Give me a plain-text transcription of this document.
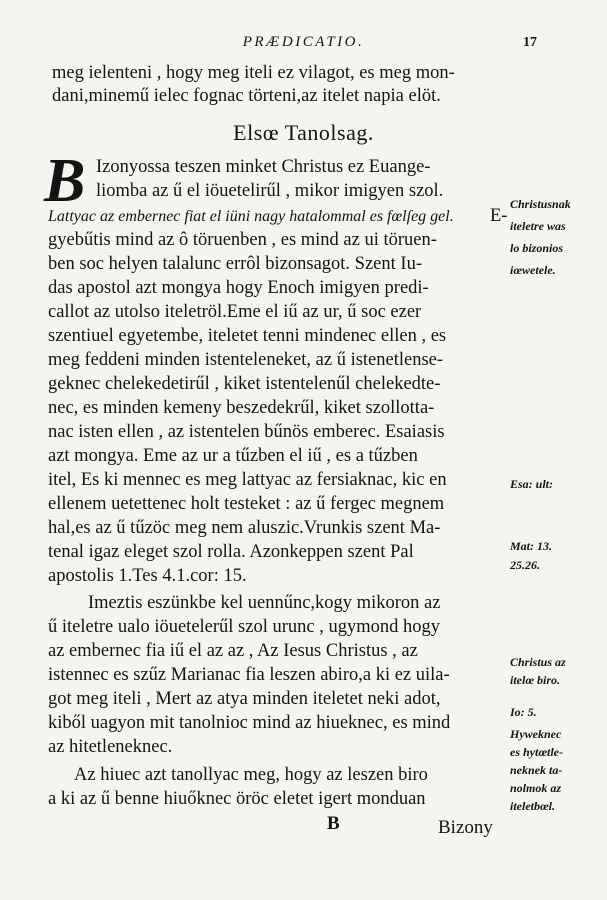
PRÆDICATIO.	17
meg ielenteni , hogy meg iteli ez vilagot, es meg mon-
dani,minemű ielec fognac törteni,az itelet napia elöt.
Elsœ Tanolsag.
B Izonyossa teszen minket Christus ez Euange-
liomba az ű el iöuetelirűl , mikor imigyen szol.
Lattyac az embernec fiat el iüni nagy hatalommal es fœlſeg gel. E-
gyebűtis mind az ô töruenben , es mind az ui töruen-
ben soc helyen talalunc errôl bizonsagot. Szent Iu-
das apostol azt mongya hogy Enoch imigyen predi-
callot az utolso iteletröl.Eme el iű az ur, ű soc ezer
szentiuel egyetembe, iteletet tenni mindenec ellen , es
meg feddeni minden istenteleneket, az ű istenetlense-
geknec chelekedetirűl , kiket istentelenűl chelekedte-
nec, es minden kemeny beszedekrűl, kiket szollotta-
nac isten ellen , az istentelen bűnös emberec. Esaiasis
azt mongya. Eme az ur a tűzben el iű , es a tűzben
itel, Es ki mennec es meg lattyac az fersiaknac, kic en
ellenem uetettenec holt testeket : az ű fergec megnem
hal,es az ű tűzöc meg nem aluszic.Vrunkis szent Ma-
tenal igaz eleget szol rolla. Azonkeppen szent Pal
apostolis 1.Tes 4.1.cor: 15.
Imeztis eszünkbe kel uennűnc,kogy mikoron az
ű iteletre ualo iöuetelerűl szol urunc , ugymond hogy
az embernec fia iű el az az , Az Iesus Christus , az
istennec es szűz Marianac fia leszen abiro,a ki ez uila-
got meg iteli , Mert az atya minden iteletet neki adot,
kiből uagyon mit tanolnioc mind az hiueknec, es mind
az hitetleneknec.
Az hiuec azt tanollyac meg, hogy az leszen biro
a ki az ű benne hiuőknec öröc eletet igert monduan
B	Bizony
Christusnak
iteletre was
lo bizonios
iœwetele.
Esa: ult:
Mat: 13.
25.26.
Christus az
itelœ biro.
Io: 5.
Hyweknec
es hytœtle-
neknek ta-
nolmok az
iteletbœl.
